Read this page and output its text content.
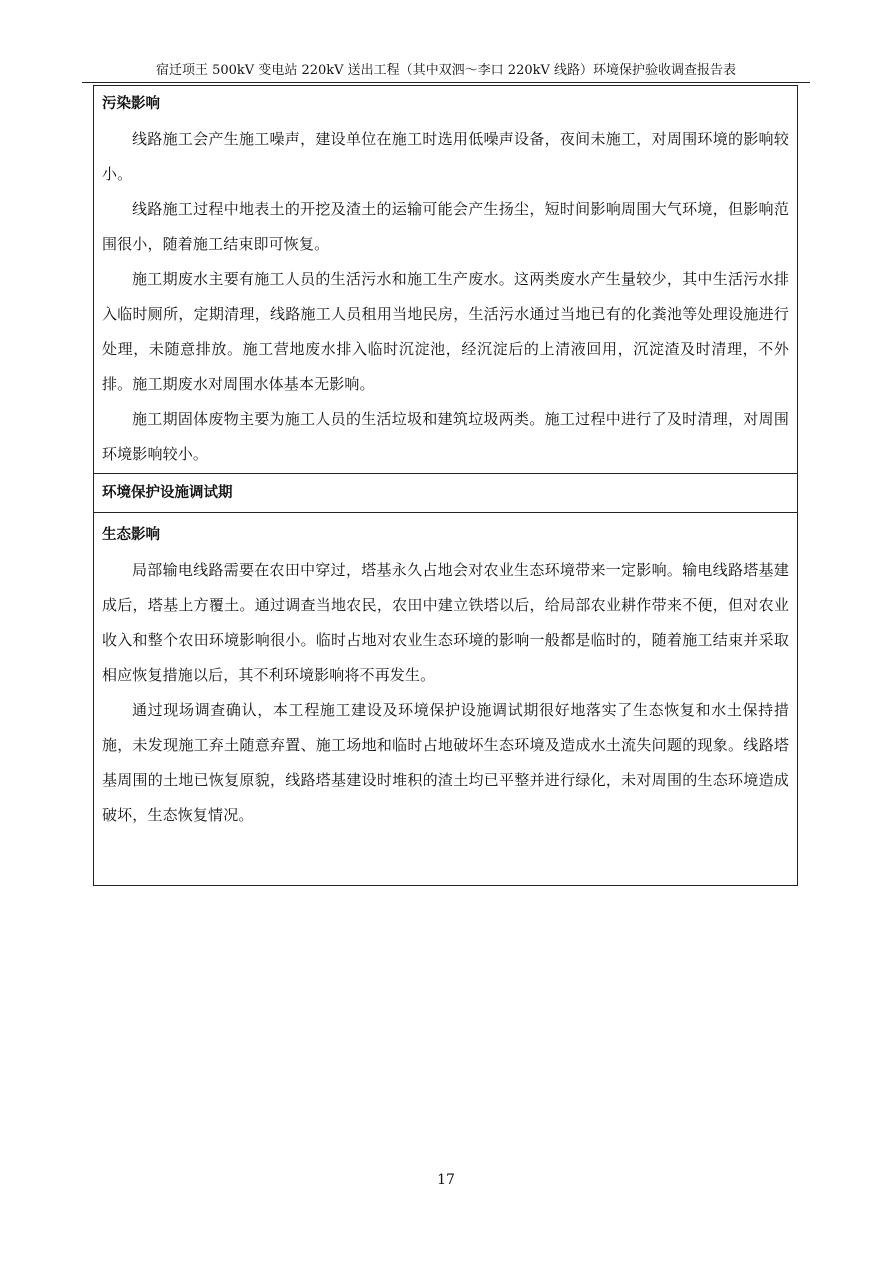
宿迁项王 500kV 变电站 220kV 送出工程（其中双泗～李口 220kV 线路）环境保护验收调查报告表
污染影响

线路施工会产生施工噪声，建设单位在施工时选用低噪声设备，夜间未施工，对周围环境的影响较小。

线路施工过程中地表土的开挖及渣土的运输可能会产生扬尘，短时间影响周围大气环境，但影响范围很小，随着施工结束即可恢复。

施工期废水主要有施工人员的生活污水和施工生产废水。这两类废水产生量较少，其中生活污水排入临时厕所，定期清理，线路施工人员租用当地民房，生活污水通过当地已有的化粪池等处理设施进行处理，未随意排放。施工营地废水排入临时沉淀池，经沉淀后的上清液回用，沉淀渣及时清理，不外排。施工期废水对周围水体基本无影响。

施工期固体废物主要为施工人员的生活垃圾和建筑垃圾两类。施工过程中进行了及时清理，对周围环境影响较小。

环境保护设施调试期
生态影响

局部输电线路需要在农田中穿过，塔基永久占地会对农业生态环境带来一定影响。输电线路塔基建成后，塔基上方覆土。通过调查当地农民，农田中建立铁塔以后，给局部农业耕作带来不便，但对农业收入和整个农田环境影响很小。临时占地对农业生态环境的影响一般都是临时的，随着施工结束并采取相应恢复措施以后，其不利环境影响将不再发生。

通过现场调查确认，本工程施工建设及环境保护设施调试期很好地落实了生态恢复和水土保持措施，未发现施工弃土随意弃置、施工场地和临时占地破坏生态环境及造成水土流失问题的现象。线路塔基周围的土地已恢复原貌，线路塔基建设时堆积的渣土均已平整并进行绿化，未对周围的生态环境造成破坏，生态恢复情况。

17
